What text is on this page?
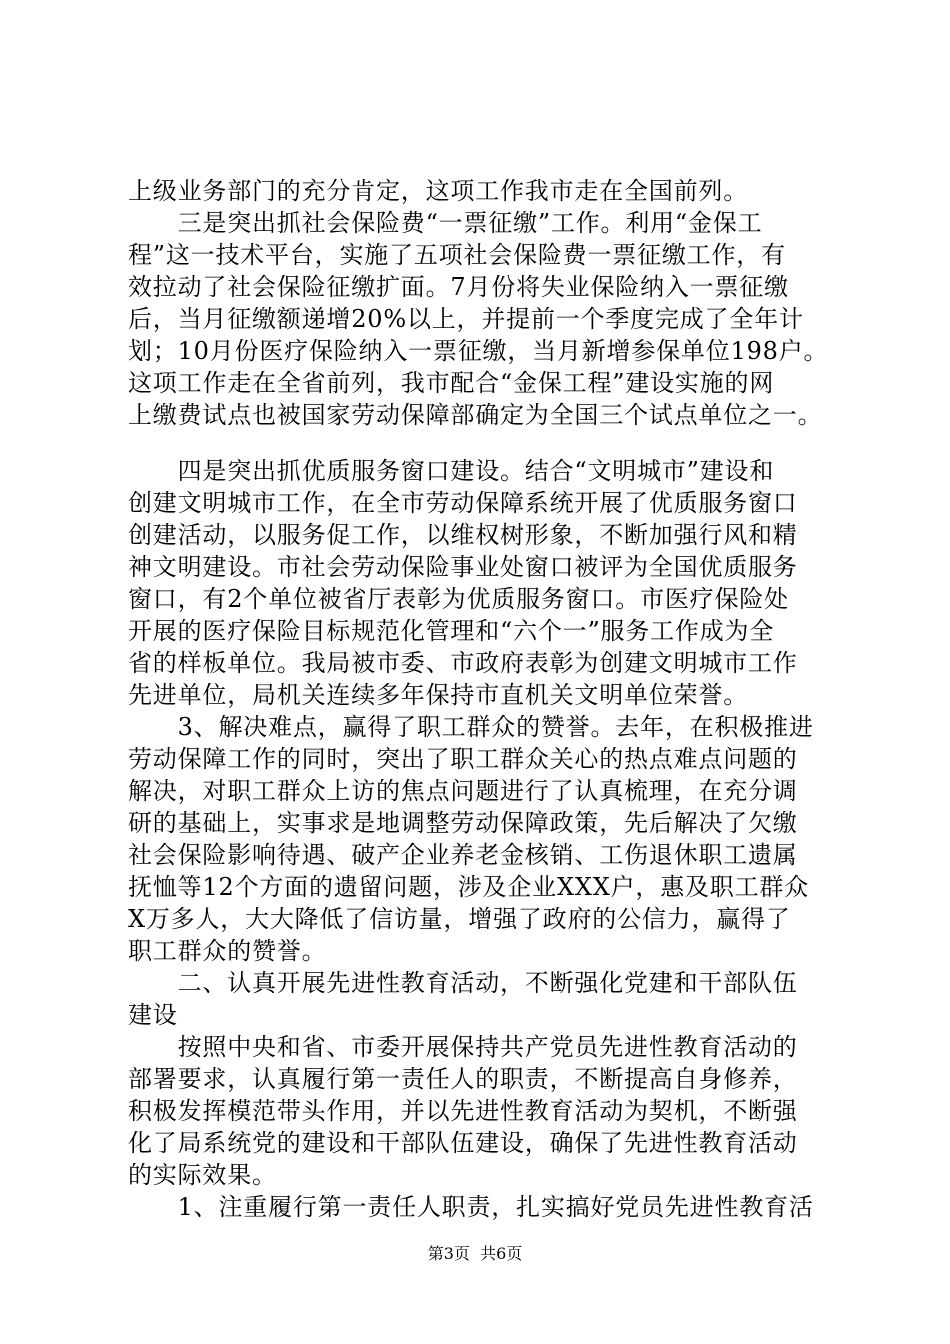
上级业务部门的充分肯定，这项工作我市走在全国前列。
　　三是突出抓社会保险费“一票征缴”工作。利用“金保工
程”这一技术平台，实施了五项社会保险费一票征缴工作，有
效拉动了社会保险征缴扩面。7月份将失业保险纳入一票征缴
后，当月征缴额递增20%以上，并提前一个季度完成了全年计
划；10月份医疗保险纳入一票征缴，当月新增参保单位198户。
这项工作走在全省前列，我市配合“金保工程”建设实施的网
上缴费试点也被国家劳动保障部确定为全国三个试点单位之一。
　　四是突出抓优质服务窗口建设。结合“文明城市”建设和
创建文明城市工作，在全市劳动保障系统开展了优质服务窗口
创建活动，以服务促工作，以维权树形象，不断加强行风和精
神文明建设。市社会劳动保险事业处窗口被评为全国优质服务
窗口，有2个单位被省厅表彰为优质服务窗口。市医疗保险处
开展的医疗保险目标规范化管理和“六个一”服务工作成为全
省的样板单位。我局被市委、市政府表彰为创建文明城市工作
先进单位，局机关连续多年保持市直机关文明单位荣誉。
　　3、解决难点，赢得了职工群众的赞誉。去年，在积极推进
劳动保障工作的同时，突出了职工群众关心的热点难点问题的
解决，对职工群众上访的焦点问题进行了认真梳理，在充分调
研的基础上，实事求是地调整劳动保障政策，先后解决了欠缴
社会保险影响待遇、破产企业养老金核销、工伤退休职工遗属
抚恤等12个方面的遗留问题，涉及企业XXX户，惠及职工群众
X万多人，大大降低了信访量，增强了政府的公信力，赢得了
职工群众的赞誉。
　　二、认真开展先进性教育活动，不断强化党建和干部队伍
建设
　　按照中央和省、市委开展保持共产党员先进性教育活动的
部署要求，认真履行第一责任人的职责，不断提高自身修养，
积极发挥模范带头作用，并以先进性教育活动为契机，不断强
化了局系统党的建设和干部队伍建设，确保了先进性教育活动
的实际效果。
　　1、注重履行第一责任人职责，扎实搞好党员先进性教育活
第3页  共6页
